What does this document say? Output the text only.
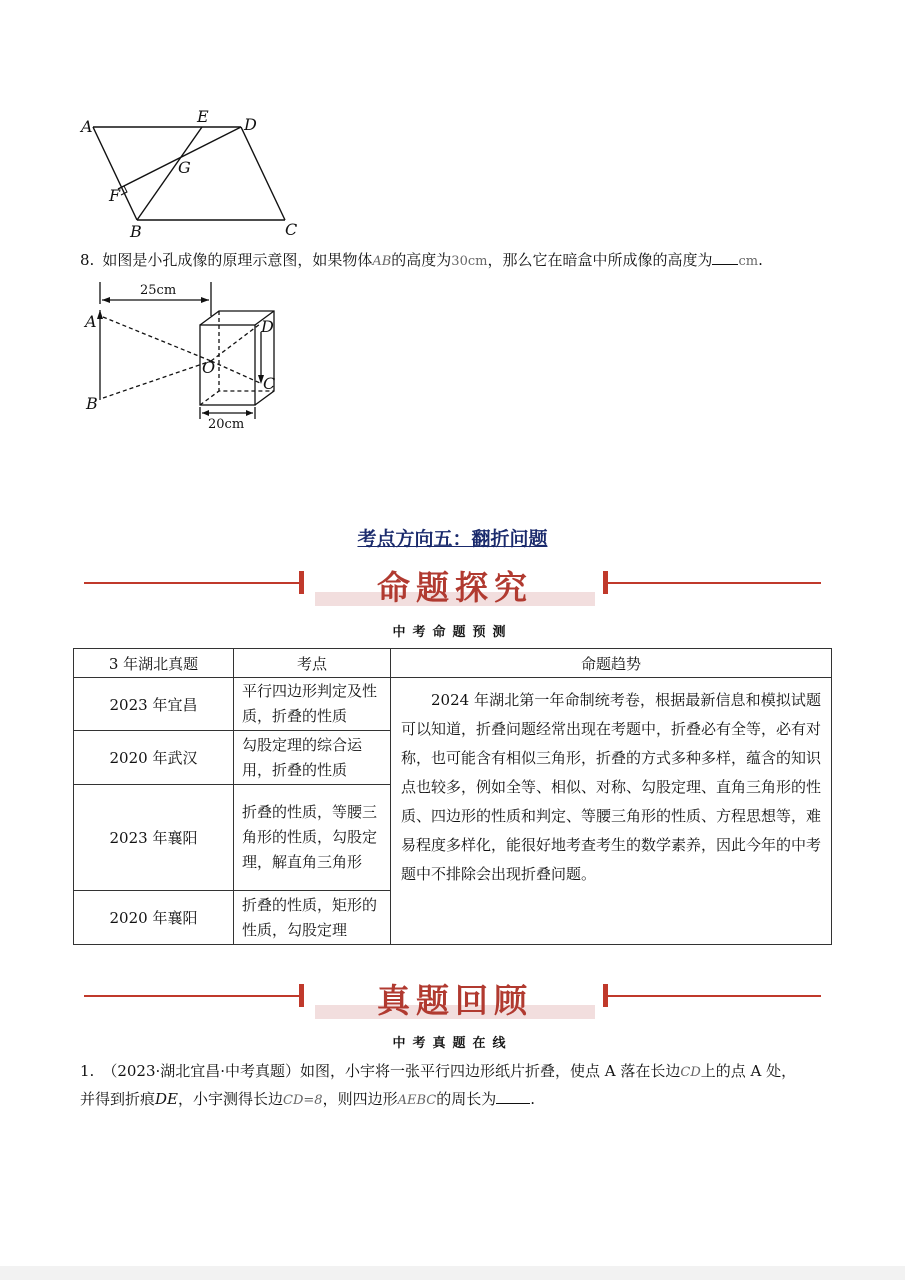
A
E D
G
F
B	C
8. 如图是小孔成像的原理示意图，如果物体AB的高度为30cm，那么它在暗盒中所成像的高度为 cm.
25cm
20cm
A
B
D
O
C
考点方向五：翻折问题
命题探究
中考命题预测
3 年湖北真题	考点	命题趋势
2023 年宜昌	平行四边形判定及性质，折叠的性质	2024 年湖北第一年命制统考卷，根据最新信息和模拟试题可以知道，折叠问题经常出现在考题中，折叠必有全等，必有对称，也可能含有相似三角形，折叠的方式多种多样，蕴含的知识点也较多，例如全等、相似、对称、勾股定理、直角三角形的性质、四边形的性质和判定、等腰三角形的性质、方程思想等，难易程度多样化，能很好地考查考生的数学素养，因此今年的中考题中不排除会出现折叠问题。
2020 年武汉	勾股定理的综合运用，折叠的性质	
2023 年襄阳	折叠的性质，等腰三角形的性质，勾股定理，解直角三角形	
2020 年襄阳	折叠的性质，矩形的性质，勾股定理	
真题回顾
中考真题在线
1. （2023·湖北宜昌·中考真题）如图，小宇将一张平行四边形纸片折叠，使点 A 落在长边CD上的点 A 处，
并得到折痕DE，小宇测得长边CD=8，则四边形AEBC的周长为 .
